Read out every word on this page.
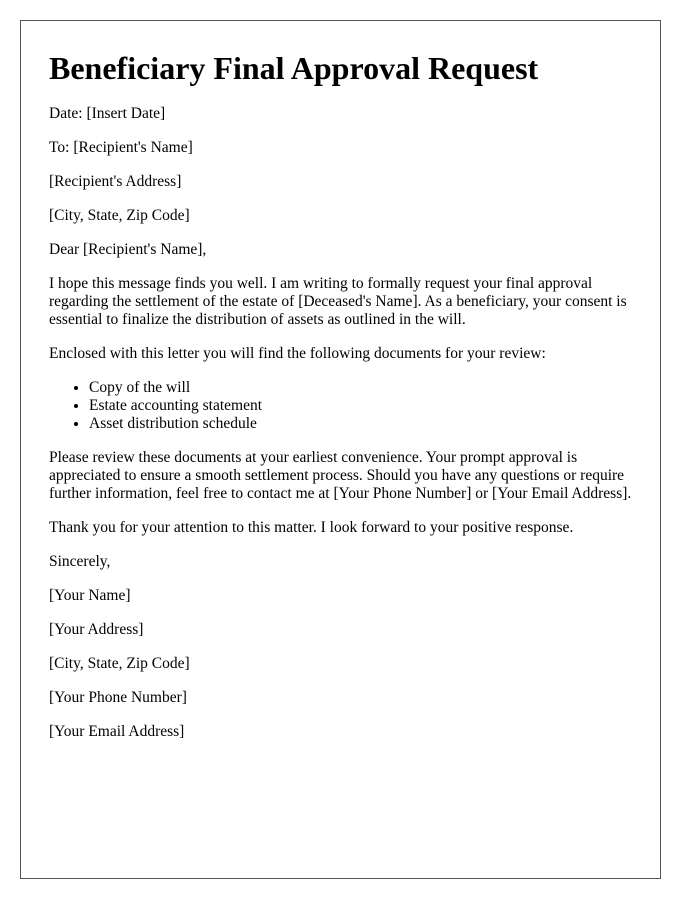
Beneficiary Final Approval Request

Date: [Insert Date]

To: [Recipient's Name]

[Recipient's Address]

[City, State, Zip Code]

Dear [Recipient's Name],

I hope this message finds you well. I am writing to formally request your final approval regarding the settlement of the estate of [Deceased's Name]. As a beneficiary, your consent is essential to finalize the distribution of assets as outlined in the will.

Enclosed with this letter you will find the following documents for your review:

• Copy of the will
• Estate accounting statement
• Asset distribution schedule

Please review these documents at your earliest convenience. Your prompt approval is appreciated to ensure a smooth settlement process. Should you have any questions or require further information, feel free to contact me at [Your Phone Number] or [Your Email Address].

Thank you for your attention to this matter. I look forward to your positive response.

Sincerely,

[Your Name]

[Your Address]

[City, State, Zip Code]

[Your Phone Number]

[Your Email Address]
